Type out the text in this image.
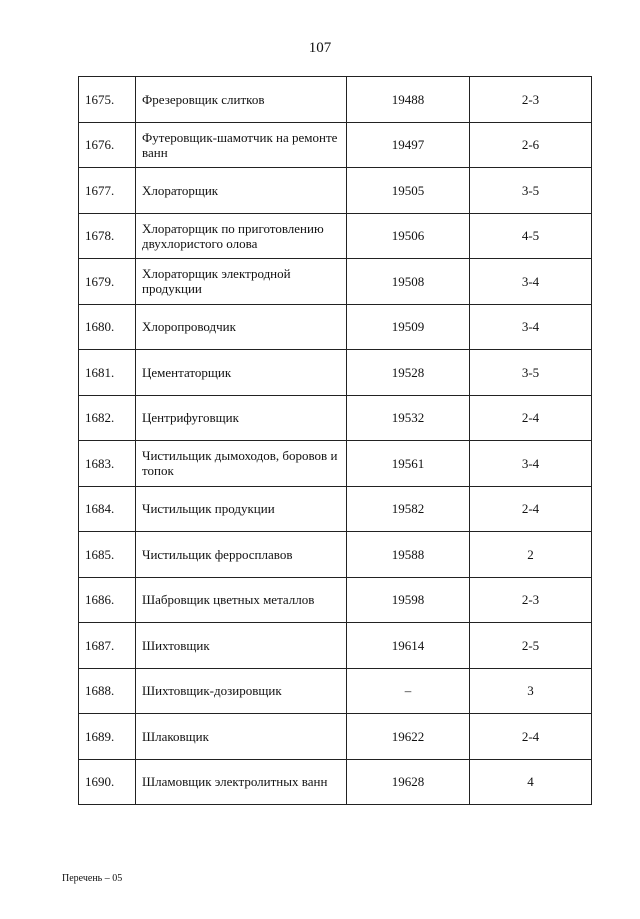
107
1675.	Фрезеровщик слитков	19488	2-3
1676.	Футеровщик-шамотчик на ремонте ванн	19497	2-6
1677.	Хлораторщик	19505	3-5
1678.	Хлораторщик по приготовлению двухлористого олова	19506	4-5
1679.	Хлораторщик электродной продукции	19508	3-4
1680.	Хлоропроводчик	19509	3-4
1681.	Цементаторщик	19528	3-5
1682.	Центрифуговщик	19532	2-4
1683.	Чистильщик дымоходов, боровов и топок	19561	3-4
1684.	Чистильщик продукции	19582	2-4
1685.	Чистильщик ферросплавов	19588	2
1686.	Шабровщик цветных металлов	19598	2-3
1687.	Шихтовщик	19614	2-5
1688.	Шихтовщик-дозировщик	–	3
1689.	Шлаковщик	19622	2-4
1690.	Шламовщик электролитных ванн	19628	4
Перечень – 05
